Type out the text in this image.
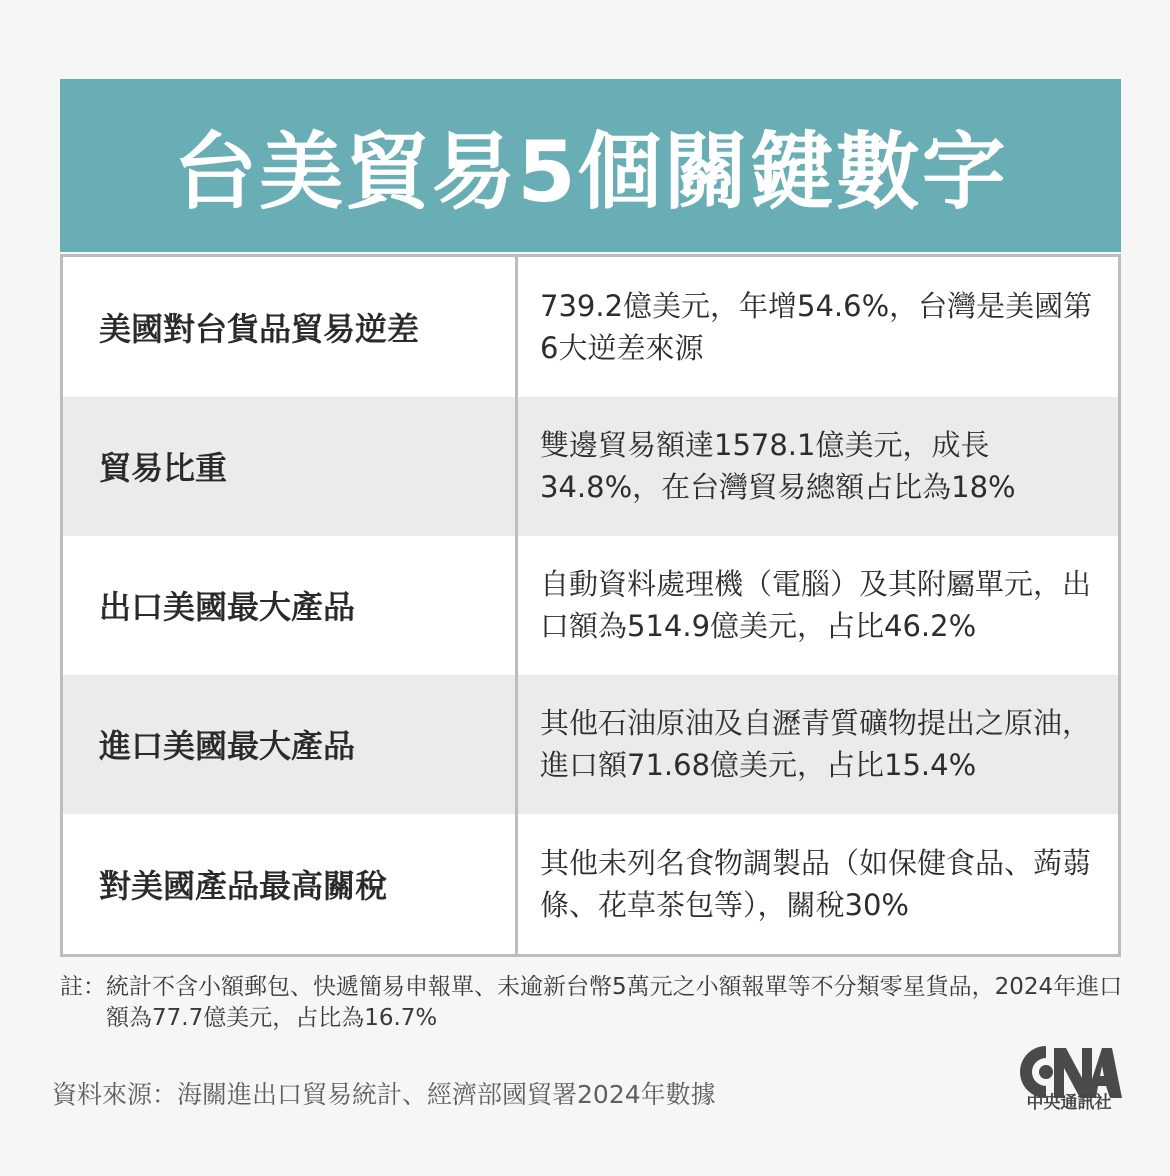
台美貿易5個關鍵數字
美國對台貨品貿易逆差	739.2億美元，年增54.6%，台灣是美國第6大逆差來源
貿易比重	雙邊貿易額達1578.1億美元，成長34.8%，在台灣貿易總額占比為18%
出口美國最大產品	自動資料處理機（電腦）及其附屬單元，出口額為514.9億美元，占比46.2%
進口美國最大產品	其他石油原油及自瀝青質礦物提出之原油，進口額71.68億美元，占比15.4%
對美國產品最高關稅	其他未列名食物調製品（如保健食品、蒟蒻條、花草茶包等），關稅30%
註： 統計不含小額郵包、快遞簡易申報單、未逾新台幣5萬元之小額報單等不分類零星貨品，2024年進口額為77.7億美元，占比為16.7%
資料來源：海關進出口貿易統計、經濟部國貿署2024年數據	中央通訊社
